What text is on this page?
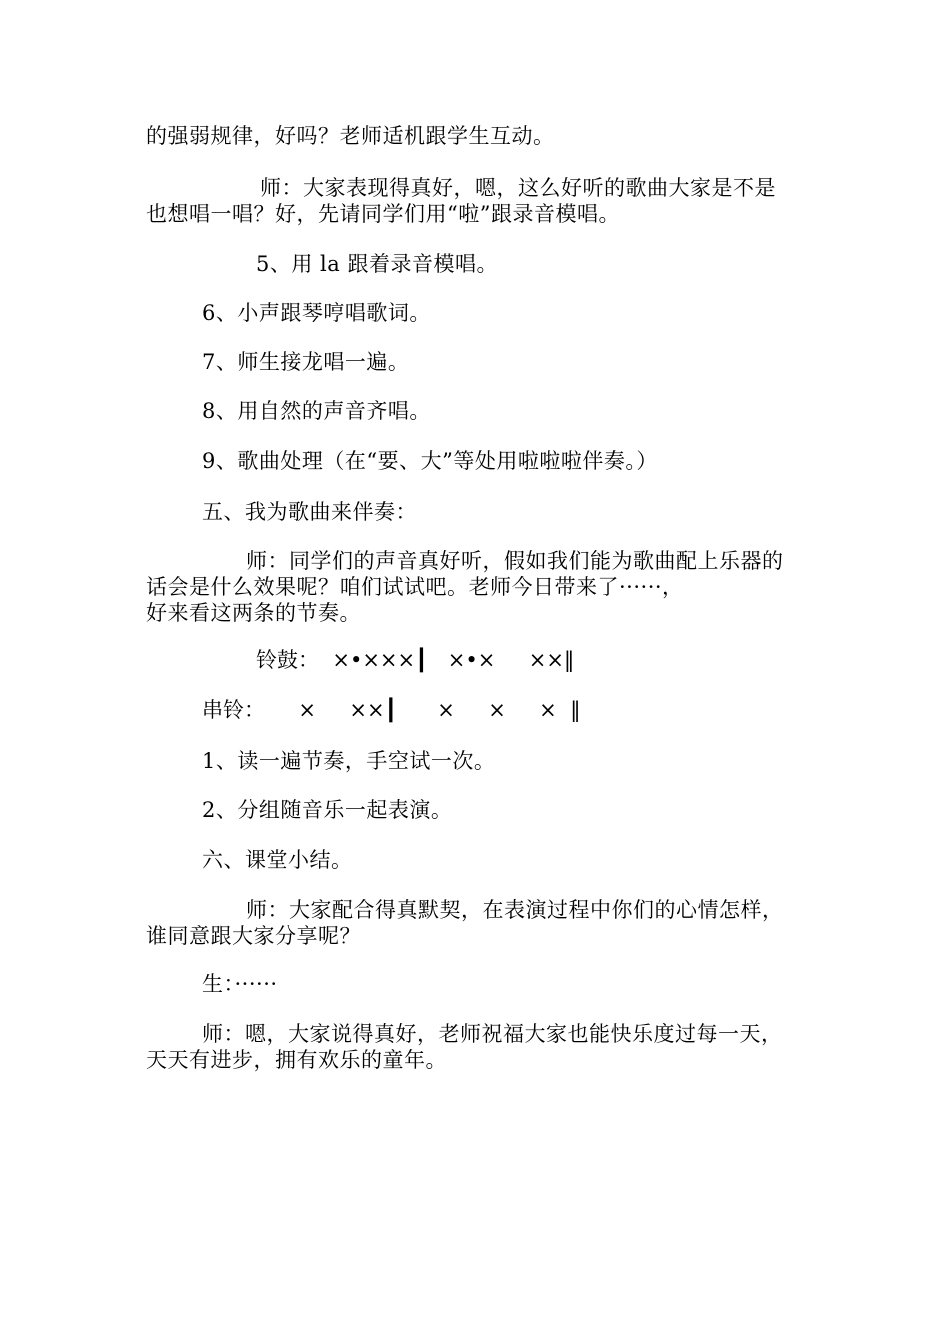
的强弱规律，好吗？老师适机跟学生互动。
师：大家表现得真好，嗯，这么好听的歌曲大家是不是
也想唱一唱？好，先请同学们用“啦”跟录音模唱。
5、用 la 跟着录音模唱。
6、小声跟琴哼唱歌词。
7、师生接龙唱一遍。
8、用自然的声音齐唱。
9、歌曲处理（在“要、大”等处用啦啦啦伴奏。）
五、我为歌曲来伴奏：
师：同学们的声音真好听，假如我们能为歌曲配上乐器的
话会是什么效果呢？咱们试试吧。老师今日带来了······，
好来看这两条的节奏。
铃鼓：  ×•×××┃   ×•×     ××‖
串铃：     ×     ××┃      ×     ×     ×  ‖
1、读一遍节奏，手空试一次。
2、分组随音乐一起表演。
六、课堂小结。
师：大家配合得真默契，在表演过程中你们的心情怎样，
谁同意跟大家分享呢？
生：······
师：嗯，大家说得真好，老师祝福大家也能快乐度过每一天，
天天有进步，拥有欢乐的童年。
